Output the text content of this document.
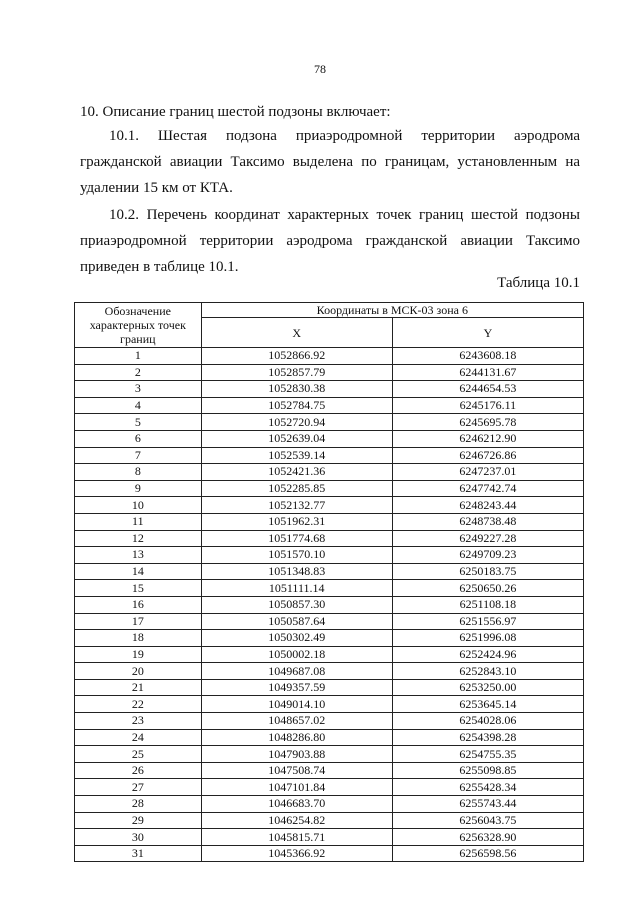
78

10. Описание границ шестой подзоны включает:

10.1. Шестая подзона приаэродромной территории аэродрома гражданской авиации Таксимо выделена по границам, установленным на удалении 15 км от КТА.

10.2. Перечень координат характерных точек границ шестой подзоны приаэродромной территории аэродрома гражданской авиации Таксимо приведен в таблице 10.1.

Таблица 10.1
Обозначение характерных точек границ	Координаты в МСК-03 зона 6	
	X	Y
1	1052866.92	6243608.18
2	1052857.79	6244131.67
3	1052830.38	6244654.53
4	1052784.75	6245176.11
5	1052720.94	6245695.78
6	1052639.04	6246212.90
7	1052539.14	6246726.86
8	1052421.36	6247237.01
9	1052285.85	6247742.74
10	1052132.77	6248243.44
11	1051962.31	6248738.48
12	1051774.68	6249227.28
13	1051570.10	6249709.23
14	1051348.83	6250183.75
15	1051111.14	6250650.26
16	1050857.30	6251108.18
17	1050587.64	6251556.97
18	1050302.49	6251996.08
19	1050002.18	6252424.96
20	1049687.08	6252843.10
21	1049357.59	6253250.00
22	1049014.10	6253645.14
23	1048657.02	6254028.06
24	1048286.80	6254398.28
25	1047903.88	6254755.35
26	1047508.74	6255098.85
27	1047101.84	6255428.34
28	1046683.70	6255743.44
29	1046254.82	6256043.75
30	1045815.71	6256328.90
31	1045366.92	6256598.56
